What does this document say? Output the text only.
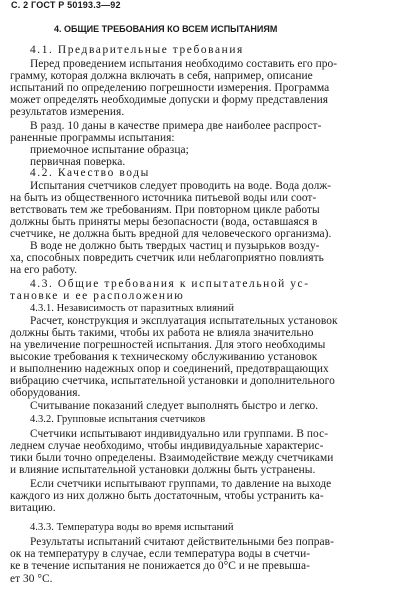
С. 2 ГОСТ Р 50193.3—92
4. ОБЩИЕ ТРЕБОВАНИЯ КО ВСЕМ ИСПЫТАНИЯМ
4.1. Предварительные требования
Перед проведением испытания необходимо составить его про-
грамму, которая должна включать в себя, например, описание
испытаний по определению погрешности измерения. Программа
может определять необходимые допуски и форму представления
результатов измерения.
В разд. 10 даны в качестве примера две наиболее распрост-
раненные программы испытания:
приемочное испытание образца;
первичная поверка.
4.2. Качество воды
Испытания счетчиков следует проводить на воде. Вода долж-
на быть из общественного источника питьевой воды или соот-
ветствовать тем же требованиям. При повторном цикле работы
должны быть приняты меры безопасности (вода, оставшаяся в
счетчике, не должна быть вредной для человеческого организма).
В воде не должно быть твердых частиц и пузырьков возду-
ха, способных повредить счетчик или неблагоприятно повлиять
на его работу.
4.3. Общие требования к испытательной ус-
тановке и ее расположению
4.3.1. Независимость от паразитных влияний
Расчет, конструкция и эксплуатация испытательных установок
должны быть такими, чтобы их работа не влияла значительно
на увеличение погрешностей испытания. Для этого необходимы
высокие требования к техническому обслуживанию установок
и выполнению надежных опор и соединений, предотвращающих
вибрацию счетчика, испытательной установки и дополнительного
оборудования.
Считывание показаний следует выполнять быстро и легко.
4.3.2. Групповые испытания счетчиков
Счетчики испытывают индивидуально или группами. В пос-
леднем случае необходимо, чтобы индивидуальные характерис-
тики были точно определены. Взаимодействие между счетчиками
и влияние испытательной установки должны быть устранены.
Если счетчики испытывают группами, то давление на выходе
каждого из них должно быть достаточным, чтобы устранить ка-
витацию.
4.3.3. Температура воды во время испытаний
Результаты испытаний считают действительными без поправ-
ок на температуру в случае, если температура воды в счетчи-
ке в течение испытания не понижается до 0°С и не превыша-
ет 30 °С.
